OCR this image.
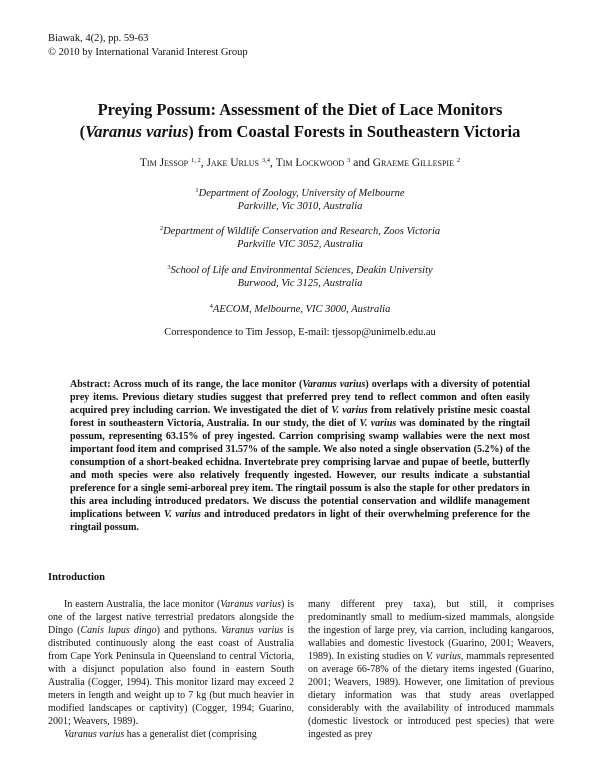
Biawak, 4(2), pp. 59-63
© 2010 by International Varanid Interest Group
Preying Possum: Assessment of the Diet of Lace Monitors
(Varanus varius) from Coastal Forests in Southeastern Victoria
Tim Jessop $^{1, 2}$, Jake Urlus $^{3,4}$, Tim Lockwood $^3$ and Graeme Gillespie $^2$
$^1$Department of Zoology, University of Melbourne
Parkville, Vic 3010, Australia
$^2$Department of Wildlife Conservation and Research, Zoos Victoria
Parkville VIC 3052, Australia
$^3$School of Life and Environmental Sciences, Deakin University
Burwood, Vic 3125, Australia
$^4$AECOM, Melbourne, VIC 3000, Australia
Correspondence to Tim Jessop, E-mail: tjessop@unimelb.edu.au
Abstract: Across much of its range, the lace monitor (Varanus varius) overlaps with a diversity of potential prey items. Previous dietary studies suggest that preferred prey tend to reflect common and often easily acquired prey including carrion. We investigated the diet of V. varius from relatively pristine mesic coastal forest in southeastern Victoria, Australia. In our study, the diet of V. varius was dominated by the ringtail possum, representing 63.15% of prey ingested. Carrion comprising swamp wallabies were the next most important food item and comprised 31.57% of the sample. We also noted a single observation (5.2%) of the consumption of a short-beaked echidna. Invertebrate prey comprising larvae and pupae of beetle, butterfly and moth species were also relatively frequently ingested. However, our results indicate a substantial preference for a single semi-arboreal prey item. The ringtail possum is also the staple for other predators in this area including introduced predators. We discuss the potential conservation and wildlife management implications between V. varius and introduced predators in light of their overwhelming preference for the ringtail possum.
Introduction

In eastern Australia, the lace monitor (Varanus varius) is one of the largest native terrestrial predators alongside the Dingo (Canis lupus dingo) and pythons. Varanus varius is distributed continuously along the east coast of Australia from Cape York Peninsula in Queensland to central Victoria, with a disjunct population also found in eastern South Australia (Cogger, 1994). This monitor lizard may exceed 2 meters in length and weight up to 7 kg (but much heavier in modified landscapes or captivity) (Cogger, 1994; Guarino, 2001; Weavers, 1989).

Varanus varius has a generalist diet (comprising

many different prey taxa), but still, it comprises predominantly small to medium-sized mammals, alongside the ingestion of large prey, via carrion, including kangaroos, wallabies and domestic livestock (Guarino, 2001; Weavers, 1989). In existing studies on V. varius, mammals represented on average 66-78% of the dietary items ingested (Guarino, 2001; Weavers, 1989). However, one limitation of previous dietary information was that study areas overlapped considerably with the availability of introduced mammals (domestic livestock or introduced pest species) that were ingested as prey
